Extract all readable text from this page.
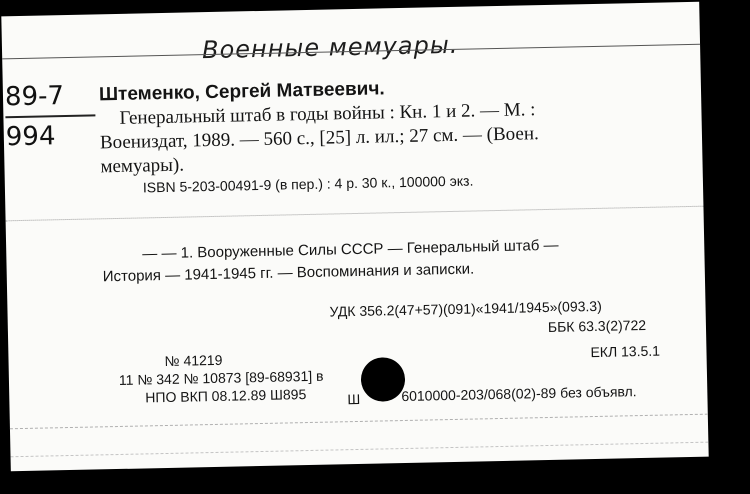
Военные мемуары.
89-7
994
Штеменко, Сергей Матвеевич.
Генеральный штаб в годы войны : Кн. 1 и 2. — М. :
Воениздат, 1989. — 560 с., [25] л. ил.; 27 см. — (Воен.
мемуары).
ISBN 5-203-00491-9 (в пер.) : 4 р. 30 к., 100000 экз.
— — 1. Вооруженные Силы СССР — Генеральный штаб —
История — 1941-1945 гг. — Воспоминания и записки.
УДК 356.2(47+57)(091)«1941/1945»(093.3)
ББК 63.3(2)722
№ 41219
ЕКЛ 13.5.1
11 № 342 № 10873 [89-68931] в
НПО ВКП 08.12.89 Ш895	Ш	6010000-203/068(02)-89 без объявл.
